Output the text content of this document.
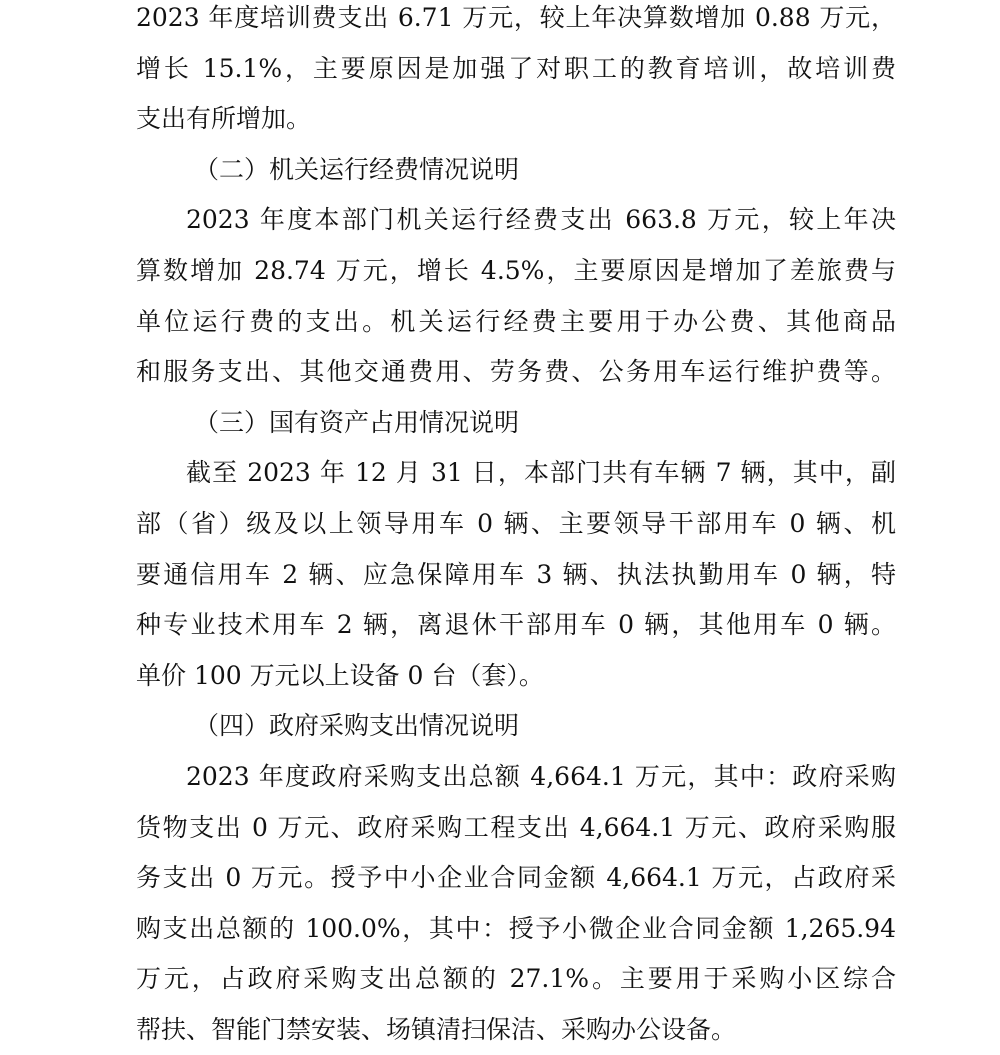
2023 年度培训费支出 6.71 万元，较上年决算数增加 0.88 万元，
增长 15.1%，主要原因是加强了对职工的教育培训，故培训费
支出有所增加。
（二）机关运行经费情况说明
2023 年度本部门机关运行经费支出 663.8 万元，较上年决
算数增加 28.74 万元，增长 4.5%，主要原因是增加了差旅费与
单位运行费的支出。机关运行经费主要用于办公费、其他商品
和服务支出、其他交通费用、劳务费、公务用车运行维护费等。
（三）国有资产占用情况说明
截至 2023 年 12 月 31 日，本部门共有车辆 7 辆，其中，副
部（省）级及以上领导用车 0 辆、主要领导干部用车 0 辆、机
要通信用车 2 辆、应急保障用车 3 辆、执法执勤用车 0 辆，特
种专业技术用车 2 辆，离退休干部用车 0 辆，其他用车 0 辆。
单价 100 万元以上设备 0 台（套）。
（四）政府采购支出情况说明
2023 年度政府采购支出总额 4,664.1 万元，其中：政府采购
货物支出 0 万元、政府采购工程支出 4,664.1 万元、政府采购服
务支出 0 万元。授予中小企业合同金额 4,664.1 万元，占政府采
购支出总额的 100.0%，其中：授予小微企业合同金额 1,265.94
万元，占政府采购支出总额的 27.1%。主要用于采购小区综合
帮扶、智能门禁安装、场镇清扫保洁、采购办公设备。
